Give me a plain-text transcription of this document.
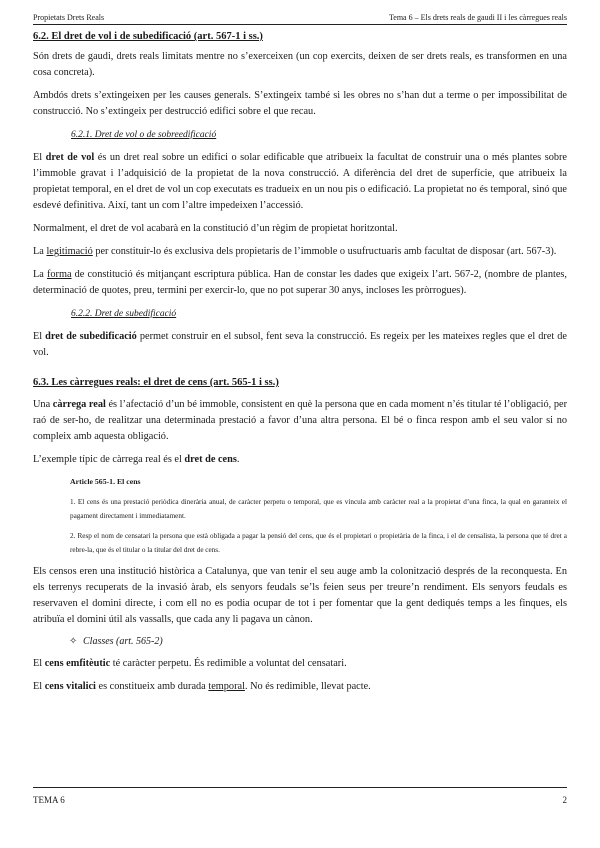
Propietats Drets Reals	Tema 6 – Els drets reals de gaudi II i les càrregues reals

6.2. El dret de vol i de subedificació (art. 567-1 i ss.)

Són drets de gaudi, drets reals limitats mentre no s’exerceixen (un cop exercits, deixen de ser drets reals, es transformen en una cosa concreta).

Ambdós drets s’extingeixen per les causes generals. S’extingeix també si les obres no s’han dut a terme o per impossibilitat de construcció. No s’extingeix per destrucció edifici sobre el que recau.

6.2.1. Dret de vol o de sobreedificació

El dret de vol és un dret real sobre un edifici o solar edificable que atribueix la facultat de construir una o més plantes sobre l’immoble gravat i l’adquisició de la propietat de la nova construcció. A diferència del dret de superfície, que atribueix la propietat temporal, en el dret de vol un cop executats es tradueix en un nou pis o edificació. La propietat no és temporal, sinó que esdevé definitiva. Així, tant un com l’altre impedeixen l’accessió.

Normalment, el dret de vol acabarà en la constitució d’un règim de propietat horitzontal.

La legitimació per constituir-lo és exclusiva dels propietaris de l’immoble o usufructuaris amb facultat de disposar (art. 567-3).

La forma de constitució és mitjançant escriptura pública. Han de constar les dades que exigeix l’art. 567-2, (nombre de plantes, determinació de quotes, preu, termini per exercir-lo, que no pot superar 30 anys, incloses les pròrrogues).

6.2.2. Dret de subedificació

El dret de subedificació permet construir en el subsol, fent seva la construcció. Es regeix per les mateixes regles que el dret de vol.

6.3. Les càrregues reals: el dret de cens (art. 565-1 i ss.)

Una càrrega real és l’afectació d’un bé immoble, consistent en què la persona que en cada moment n’és titular té l’obligació, per raó de ser-ho, de realitzar una determinada prestació a favor d’una altra persona. El bé o finca respon amb el seu valor si no compleix amb aquesta obligació.

L’exemple típic de càrrega real és el dret de cens.

Article 565-1. El cens
1. El cens és una prestació periòdica dinerària anual, de caràcter perpetu o temporal, que es vincula amb caràcter real a la propietat d’una finca, la qual en garanteix el pagament directament i immediatament.
2. Resp el nom de censatari la persona que està obligada a pagar la pensió del cens, que és el propietari o propietària de la finca, i el de censalista, la persona que té dret a rebre-la, que és el titular o la titular del dret de cens.

Els censos eren una institució històrica a Catalunya, que van tenir el seu auge amb la colonització després de la reconquesta. En els terrenys recuperats de la invasió àrab, els senyors feudals se’ls feien seus per treure’n rendiment. Els senyors feudals es reservaven el domini directe, i com ell no es podia ocupar de tot i per fomentar que la gent dediqués temps a les finques, els atribuïa el domini útil als vassalls, que cada any li pagava un cànon.

✧ Classes (art. 565-2)

El cens emfitèutic té caràcter perpetu. És redimible a voluntat del censatari.

El cens vitalici es constitueix amb durada temporal. No és redimible, llevat pacte.

TEMA 6	2
